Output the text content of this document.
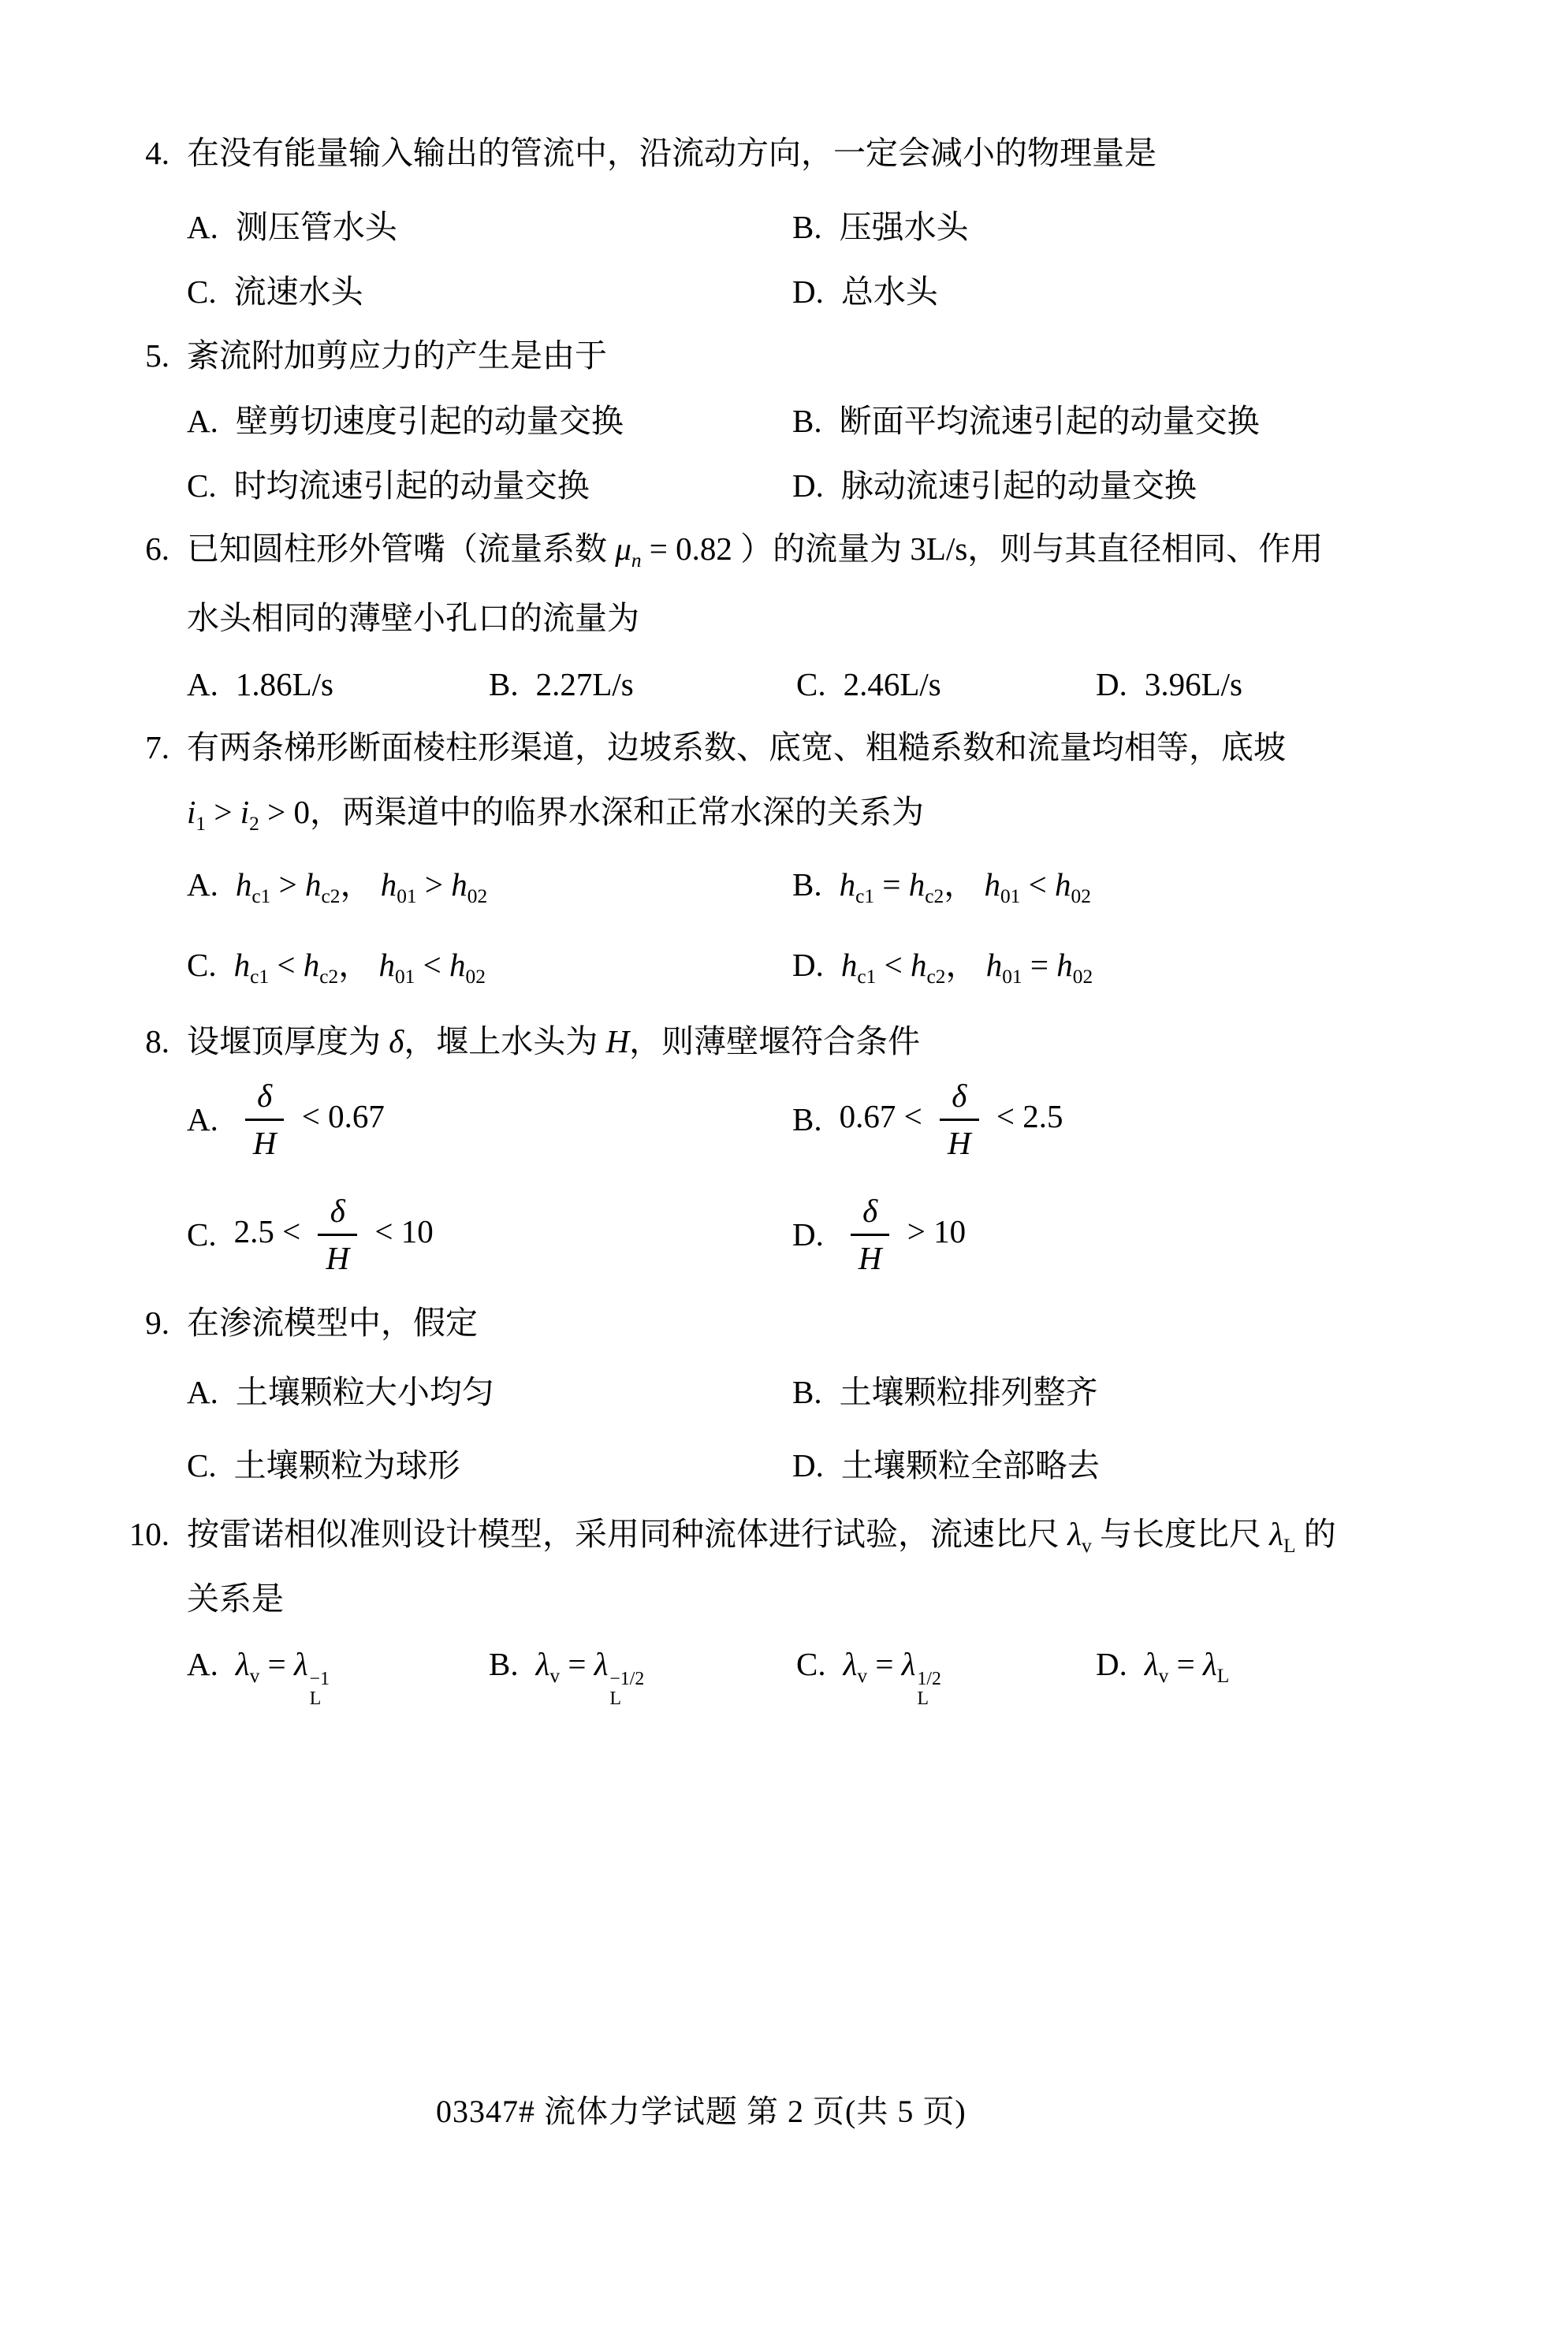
4. 在没有能量输入输出的管流中，沿流动方向，一定会减小的物理量是
A. 测压管水头	B. 压强水头
C. 流速水头	D. 总水头
5. 紊流附加剪应力的产生是由于
A. 壁剪切速度引起的动量交换	B. 断面平均流速引起的动量交换
C. 时均流速引起的动量交换	D. 脉动流速引起的动量交换
6. 已知圆柱形外管嘴（流量系数 $\mu_n = 0.82$ ）的流量为 3L/s，则与其直径相同、作用
水头相同的薄壁小孔口的流量为
A. 1.86L/s	B. 2.27L/s	C. 2.46L/s	D. 3.96L/s
7. 有两条梯形断面棱柱形渠道，边坡系数、底宽、粗糙系数和流量均相等，底坡
$i_1 > i_2 > 0$，两渠道中的临界水深和正常水深的关系为
A. $h_{c1} > h_{c2}$， $h_{01} > h_{02}$	B. $h_{c1} = h_{c2}$， $h_{01} < h_{02}$
C. $h_{c1} < h_{c2}$， $h_{01} < h_{02}$	D. $h_{c1} < h_{c2}$， $h_{01} = h_{02}$
8. 设堰顶厚度为 δ，堰上水头为 H，则薄壁堰符合条件
A. $\frac{\delta}{H} < 0.67$	B. $0.67 < \frac{\delta}{H} < 2.5$
C. $2.5 < \frac{\delta}{H} < 10$	D. $\frac{\delta}{H} > 10$
9. 在渗流模型中，假定
A. 土壤颗粒大小均匀	B. 土壤颗粒排列整齐
C. 土壤颗粒为球形	D. 土壤颗粒全部略去
10. 按雷诺相似准则设计模型，采用同种流体进行试验，流速比尺 $\lambda_v$ 与长度比尺 $\lambda_L$ 的
关系是
A. $\lambda_v = \lambda -1$
L
B. $\lambda_v = \lambda -1/2$
L
C. $\lambda_v = \lambda$ 1/2
L
D. $\lambda_v = \lambda_L$
03347# 流体力学试题 第 2 页(共 5 页)
